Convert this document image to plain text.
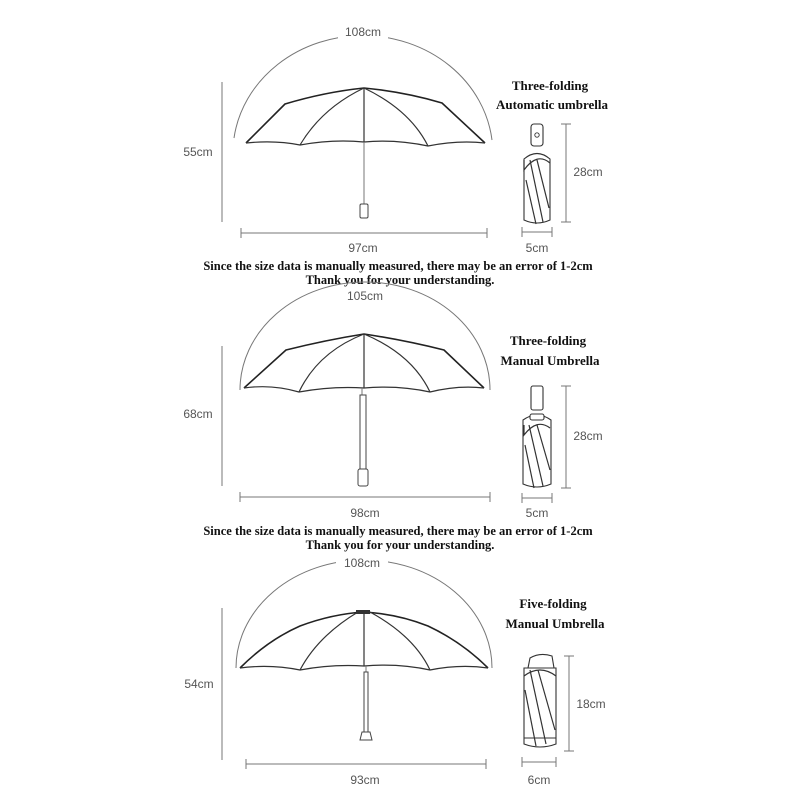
108cm
55cm
97cm
Three-folding
Automatic umbrella
28cm
5cm
Since the size data is manually measured, there may be an error of 1-2cm
Thank you for your understanding.
105cm
68cm
98cm
Three-folding
Manual Umbrella
28cm
5cm
Since the size data is manually measured, there may be an error of 1-2cm
Thank you for your understanding.
108cm
54cm
93cm
Five-folding
Manual Umbrella
18cm
6cm
